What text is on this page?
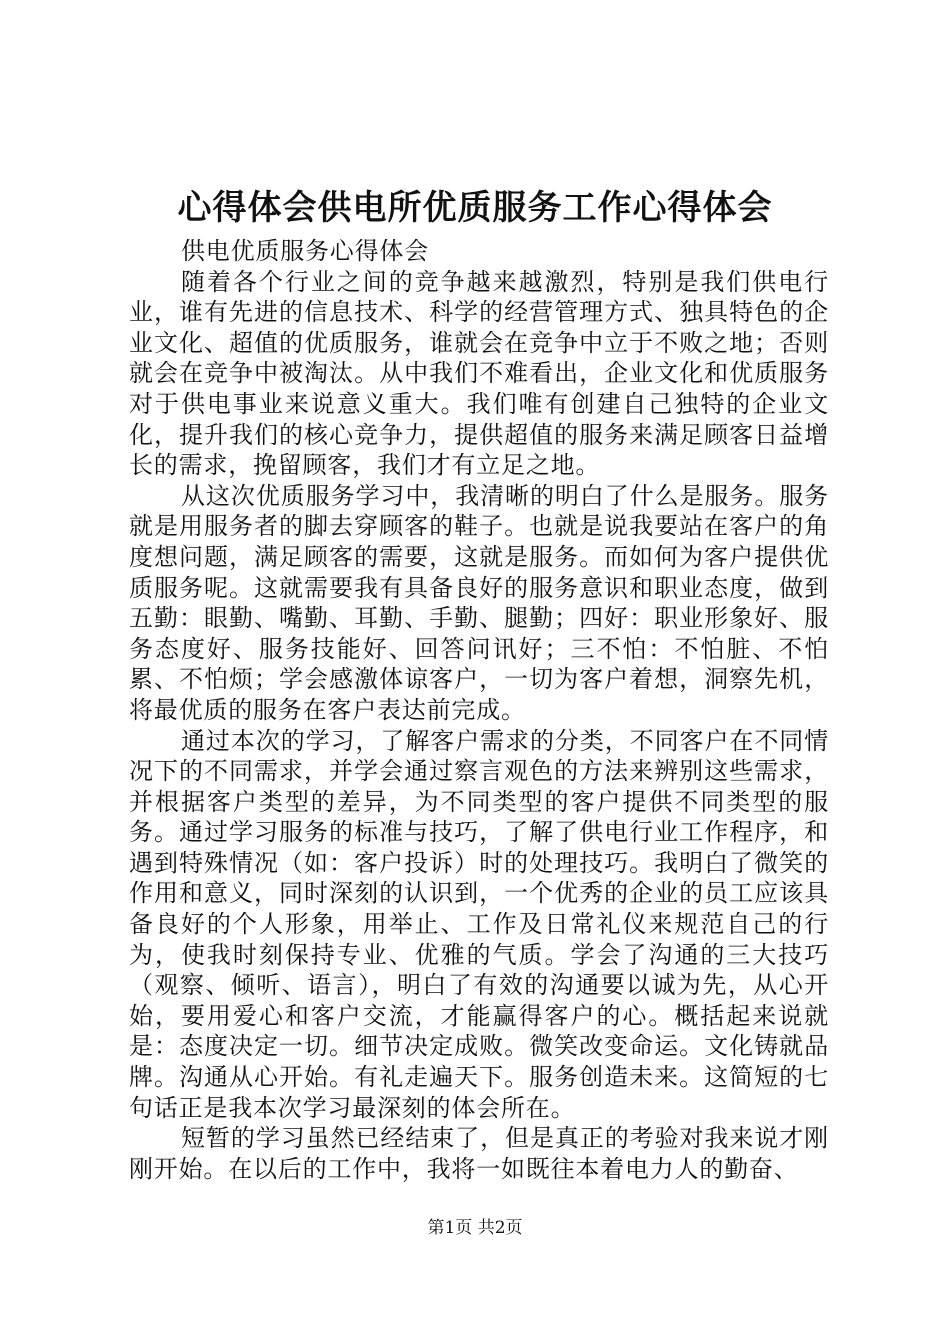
心得体会供电所优质服务工作心得体会

供电优质服务心得体会

随着各个行业之间的竞争越来越激烈，特别是我们供电行业，谁有先进的信息技术、科学的经营管理方式、独具特色的企业文化、超值的优质服务，谁就会在竞争中立于不败之地；否则就会在竞争中被淘汰。从中我们不难看出，企业文化和优质服务对于供电事业来说意义重大。我们唯有创建自己独特的企业文化，提升我们的核心竞争力，提供超值的服务来满足顾客日益增长的需求，挽留顾客，我们才有立足之地。

从这次优质服务学习中，我清晰的明白了什么是服务。服务就是用服务者的脚去穿顾客的鞋子。也就是说我要站在客户的角度想问题，满足顾客的需要，这就是服务。而如何为客户提供优质服务呢。这就需要我有具备良好的服务意识和职业态度，做到五勤：眼勤、嘴勤、耳勤、手勤、腿勤；四好：职业形象好、服务态度好、服务技能好、回答问讯好；三不怕：不怕脏、不怕累、不怕烦；学会感激体谅客户，一切为客户着想，洞察先机，将最优质的服务在客户表达前完成。

通过本次的学习，了解客户需求的分类，不同客户在不同情况下的不同需求，并学会通过察言观色的方法来辨别这些需求，并根据客户类型的差异，为不同类型的客户提供不同类型的服务。通过学习服务的标准与技巧，了解了供电行业工作程序，和遇到特殊情况（如：客户投诉）时的处理技巧。我明白了微笑的作用和意义，同时深刻的认识到，一个优秀的企业的员工应该具备良好的个人形象，用举止、工作及日常礼仪来规范自己的行为，使我时刻保持专业、优雅的气质。学会了沟通的三大技巧（观察、倾听、语言），明白了有效的沟通要以诚为先，从心开始，要用爱心和客户交流，才能赢得客户的心。概括起来说就是：态度决定一切。细节决定成败。微笑改变命运。文化铸就品牌。沟通从心开始。有礼走遍天下。服务创造未来。这简短的七句话正是我本次学习最深刻的体会所在。

短暂的学习虽然已经结束了，但是真正的考验对我来说才刚刚开始。在以后的工作中，我将一如既往本着电力人的勤奋、

第1页 共2页
